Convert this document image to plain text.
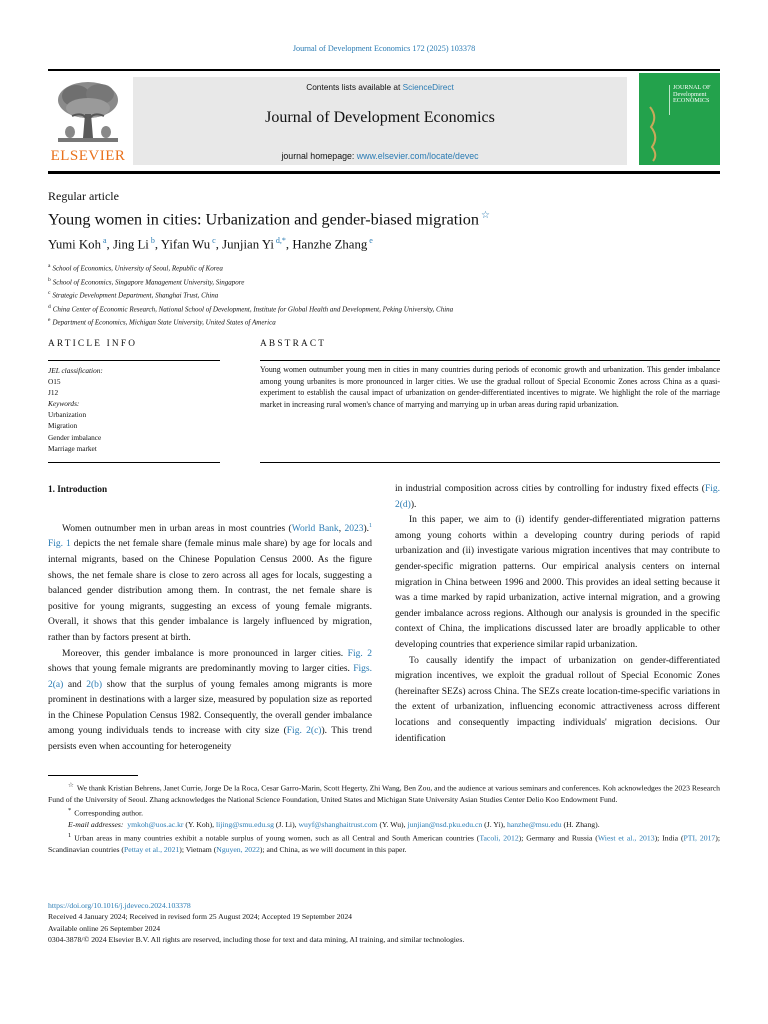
Journal of Development Economics 172 (2025) 103378
ELSEVIER
Contents lists available at ScienceDirect
Journal of Development Economics
journal homepage: www.elsevier.com/locate/devec
JOURNAL OF
Development
ECONOMICS
Regular article
Young women in cities: Urbanization and gender-biased migration ☆
Yumi Koh $^a$, Jing Li $^b$, Yifan Wu $^c$, Junjian Yi $^{d,*}$, Hanzhe Zhang $^e$
$^a$ School of Economics, University of Seoul, Republic of Korea
$^b$ School of Economics, Singapore Management University, Singapore
$^c$ Strategic Development Department, Shanghai Trust, China
$^d$ China Center of Economic Research, National School of Development, Institute for Global Health and Development, Peking University, China
$^e$ Department of Economics, Michigan State University, United States of America
ARTICLE INFO	ABSTRACT
JEL classification:
O15
J12
Keywords:
Urbanization
Migration
Gender imbalance
Marriage market
Young women outnumber young men in cities in many countries during periods of economic growth and urbanization. This gender imbalance among young urbanites is more pronounced in larger cities. We use the gradual rollout of Special Economic Zones across China as a quasi-experiment to establish the causal impact of urbanization on gender-differentiated incentives to migrate. We highlight the role of the marriage market in increasing rural women's chance of marrying and marrying up in urban areas during rapid urbanization.
1. Introduction

Women outnumber men in urban areas in most countries (World Bank, 2023).$^1$ Fig. 1 depicts the net female share (female minus male share) by age for locals and internal migrants, based on the Chinese Population Census 2000. As the figure shows, the net female share is close to zero across all ages for locals, suggesting a balanced gender distribution among them. In contrast, the net female share is positive for young migrants, suggesting an excess of young female migrants. Overall, it shows that this gender imbalance is largely influenced by migration, rather than by factors present at birth.

Moreover, this gender imbalance is more pronounced in larger cities. Fig. 2 shows that young female migrants are predominantly moving to larger cities. Figs. 2(a) and 2(b) show that the surplus of young females among migrants is more prominent in destinations with a larger size, measured by population size as reported in the Chinese Population Census 1982. Consequently, the overall gender imbalance among young individuals tends to increase with city size (Fig. 2(c)). This trend persists even when accounting for heterogeneity

in industrial composition across cities by controlling for industry fixed effects (Fig. 2(d)).

In this paper, we aim to (i) identify gender-differentiated migration patterns among young cohorts within a developing country during periods of rapid urbanization and (ii) investigate various migration incentives that may contribute to gender-specific migration patterns. Our empirical analysis centers on internal migration in China between 1996 and 2000. This provides an ideal setting because it was a time marked by rapid urbanization, active internal migration, and a growing gender imbalance across regions. Although our analysis is grounded in the specific context of China, the implications discussed later are broadly applicable to other developing countries that experience similar rapid urbanization.

To causally identify the impact of urbanization on gender-differentiated migration incentives, we exploit the gradual rollout of Special Economic Zones (hereinafter SEZs) across China. The SEZs create location-time-specific variations in the extent of urbanization, influencing economic attractiveness across different locations and consequently impacting individuals' migration decisions. Our identification

☆ We thank Kristian Behrens, Janet Currie, Jorge De la Roca, Cesar Garro-Marin, Scott Hegerty, Zhi Wang, Ben Zou, and the audience at various seminars and conferences. Koh acknowledges the 2023 Research Fund of the University of Seoul. Zhang acknowledges the National Science Foundation, United States and Michigan State University Asian Studies Center Delio Koo Endowment Fund.

* Corresponding author.

E-mail addresses: ymkoh@uos.ac.kr (Y. Koh), lijing@smu.edu.sg (J. Li), wuyf@shanghaitrust.com (Y. Wu), junjian@nsd.pku.edu.cn (J. Yi), hanzhe@msu.edu (H. Zhang).

$^1$ Urban areas in many countries exhibit a notable surplus of young women, such as all Central and South American countries (Tacoli, 2012); Germany and Russia (Wiest et al., 2013); India (PTI, 2017); Scandinavian countries (Pettay et al., 2021); Vietnam (Nguyen, 2022); and China, as we will document in this paper.

https://doi.org/10.1016/j.jdeveco.2024.103378

Received 4 January 2024; Received in revised form 25 August 2024; Accepted 19 September 2024

Available online 26 September 2024

0304-3878/© 2024 Elsevier B.V. All rights are reserved, including those for text and data mining, AI training, and similar technologies.
